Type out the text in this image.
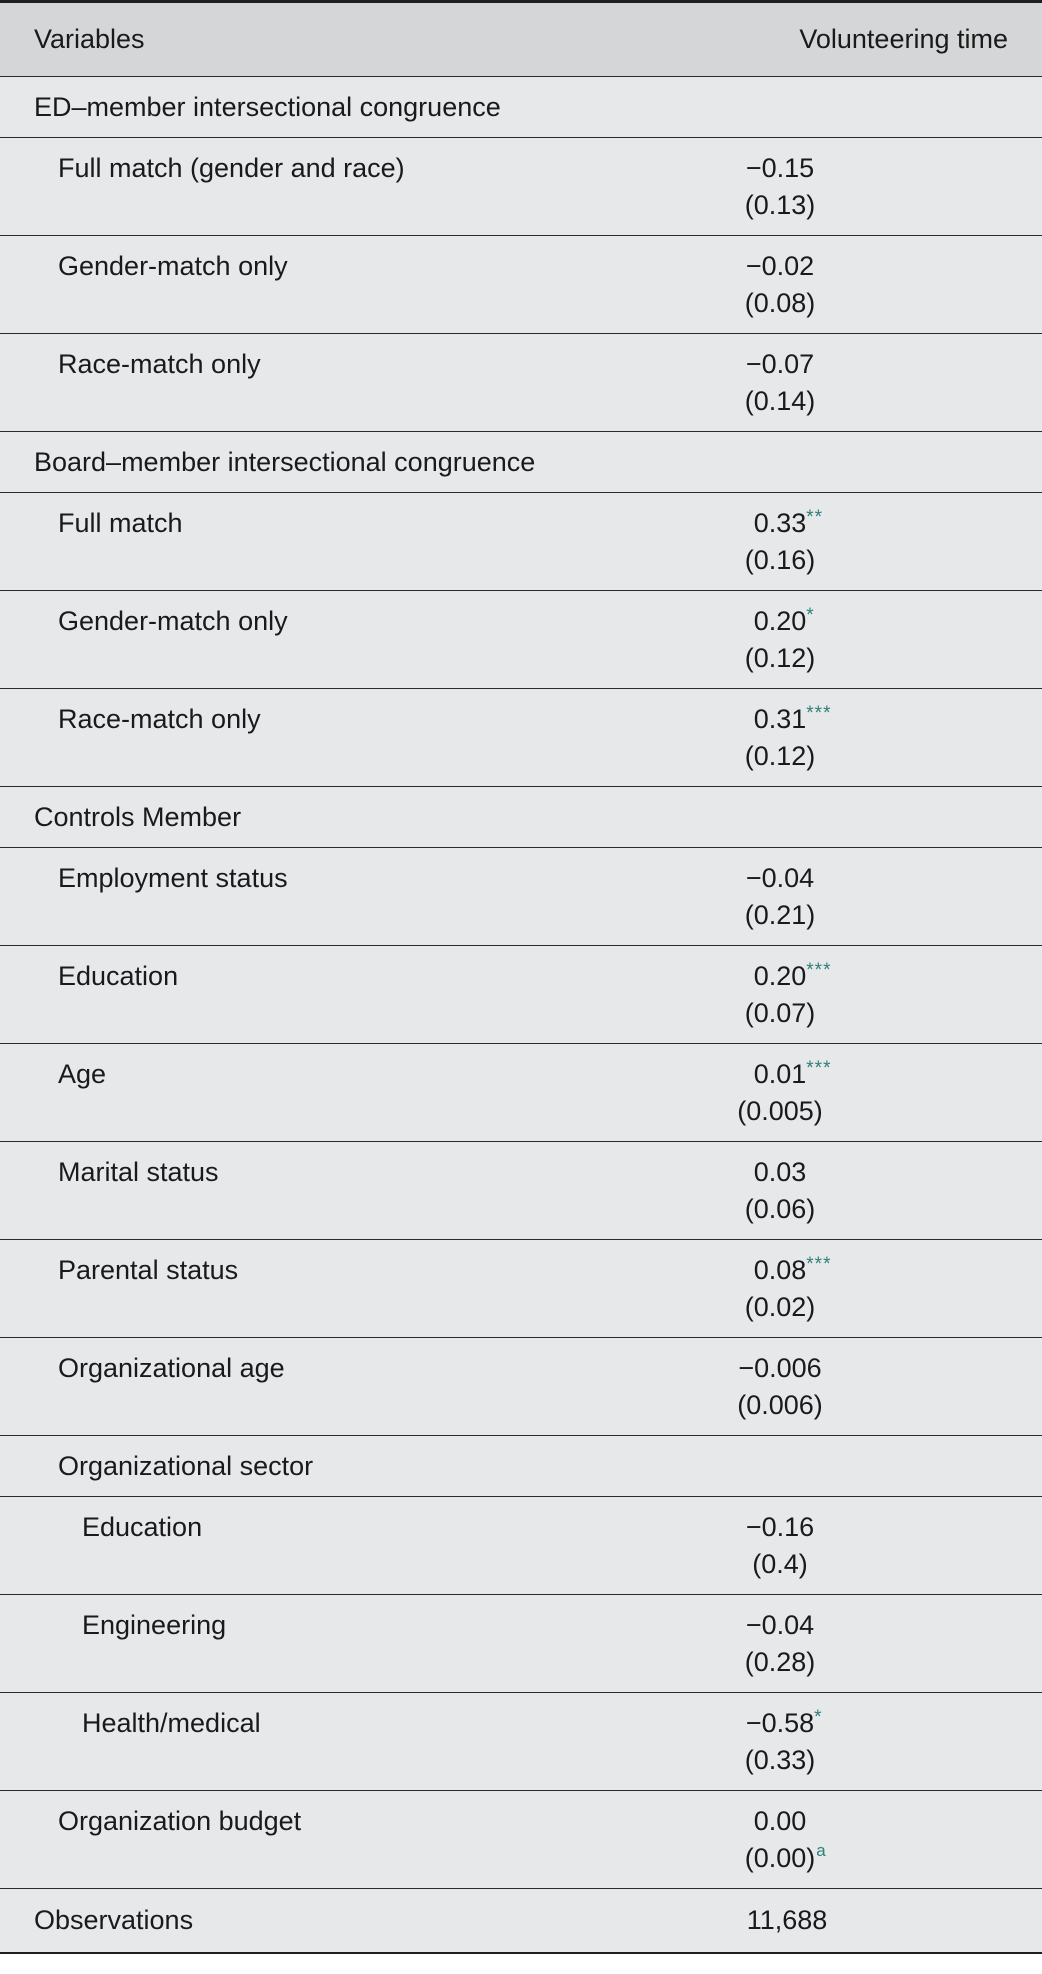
Variables	Volunteering time
ED–member intersectional congruence
Full match (gender and race)	−0.15
(0.13)
Gender-match only	−0.02
(0.08)
Race-match only	−0.07
(0.14)
Board–member intersectional congruence
Full match	0.33 **
(0.16)
Gender-match only	0.20 *
(0.12)
Race-match only	0.31 ***
(0.12)
Controls Member
Employment status	−0.04
(0.21)
Education	0.20 ***
(0.07)
Age	0.01 ***
(0.005)
Marital status	0.03
(0.06)
Parental status	0.08 ***
(0.02)
Organizational age	−0.006
(0.006)
Organizational sector
Education	−0.16
(0.4)
Engineering	−0.04
(0.28)
Health/medical	−0.58 *
(0.33)
Organization budget	0.00
(0.00) a
Observations	11,688
